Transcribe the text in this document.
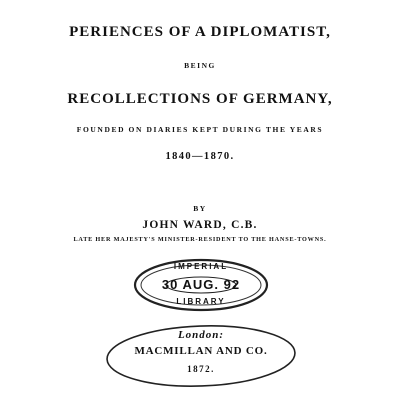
PERIENCES OF A DIPLOMATIST,
BEING
RECOLLECTIONS OF GERMANY,
FOUNDED ON DIARIES KEPT DURING THE YEARS
1840—1870.
BY
JOHN WARD, C.B.
LATE HER MAJESTY'S MINISTER-RESIDENT TO THE HANSE-TOWNS.
IMPERIAL
30 AUG. 92
LIBRARY
London:
MACMILLAN AND CO.
1872.
